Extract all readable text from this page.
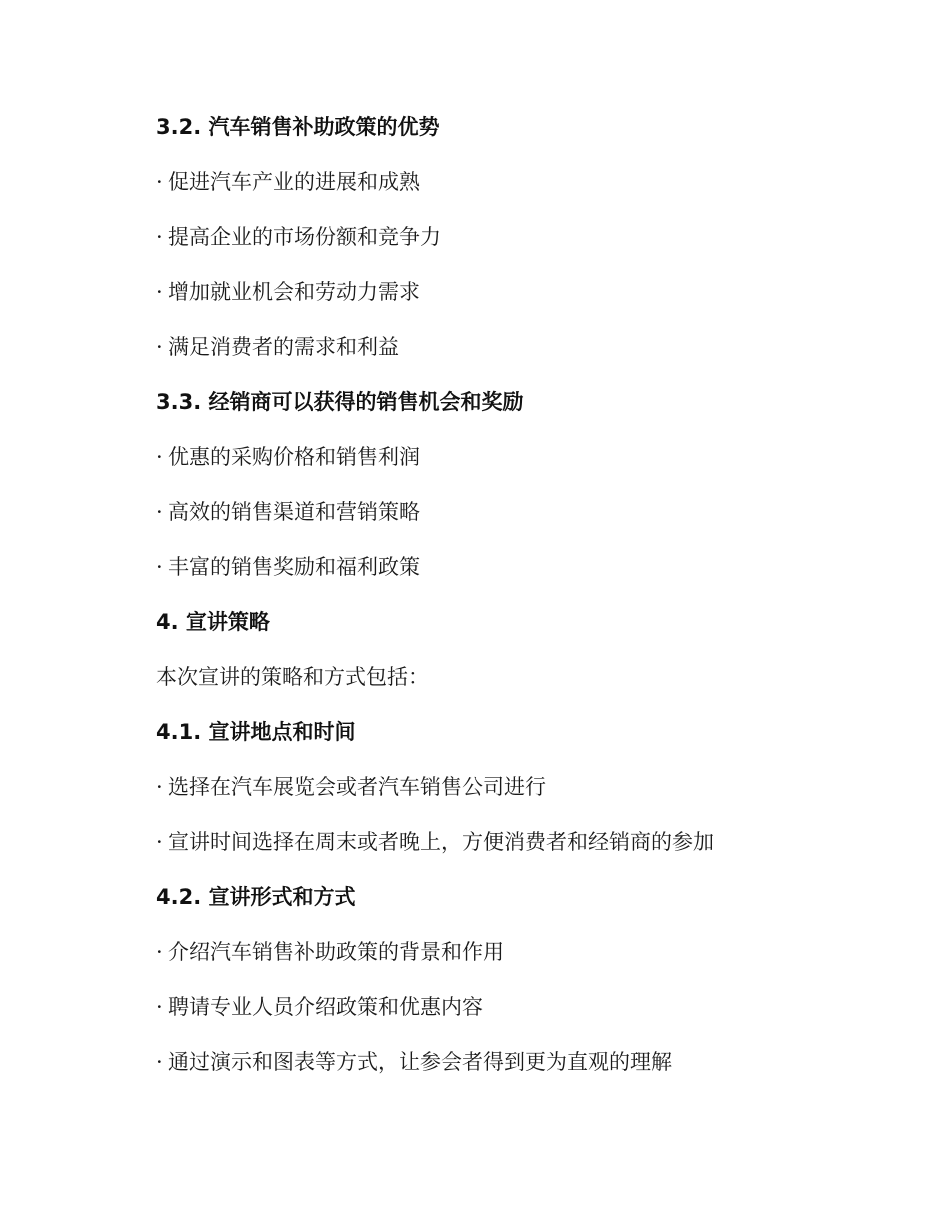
3.2. 汽车销售补助政策的优势
· 促进汽车产业的进展和成熟
· 提高企业的市场份额和竞争力
· 增加就业机会和劳动力需求
· 满足消费者的需求和利益
3.3. 经销商可以获得的销售机会和奖励
· 优惠的采购价格和销售利润
· 高效的销售渠道和营销策略
· 丰富的销售奖励和福利政策
4. 宣讲策略
本次宣讲的策略和方式包括：
4.1. 宣讲地点和时间
· 选择在汽车展览会或者汽车销售公司进行
· 宣讲时间选择在周末或者晚上，方便消费者和经销商的参加
4.2. 宣讲形式和方式
· 介绍汽车销售补助政策的背景和作用
· 聘请专业人员介绍政策和优惠内容
· 通过演示和图表等方式，让参会者得到更为直观的理解
